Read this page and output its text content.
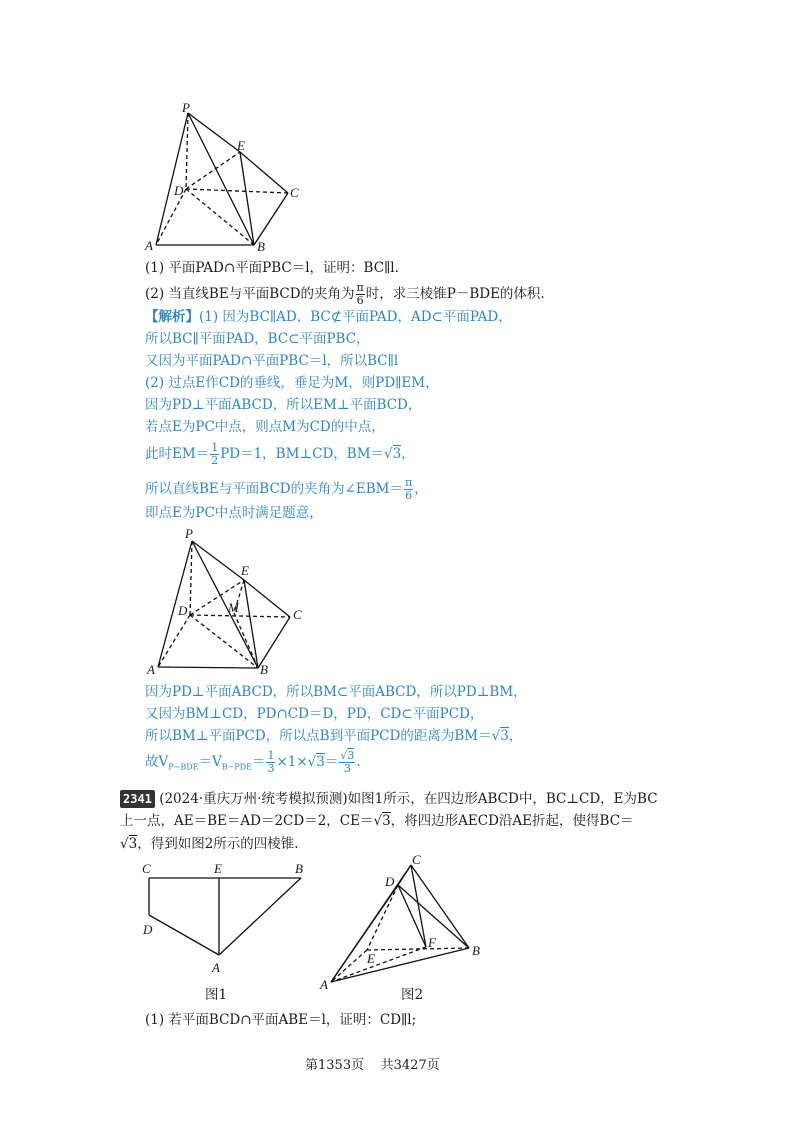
P
E
D	C
A	B
(1) 平面PAD∩平面PBC＝l，证明：BC∥l.
(2) 当直线BE与平面BCD的夹角为 $\frac{\pi}{6}$ 时，求三棱锥P－BDE的体积.
【解析】(1) 因为BC∥AD，BC⊄平面PAD，AD⊂平面PAD，
所以BC∥平面PAD，BC⊂平面PBC，
又因为平面PAD∩平面PBC＝l，所以BC∥l
(2) 过点E作CD的垂线，垂足为M，则PD∥EM，
因为PD⊥平面ABCD，所以EM⊥平面BCD，
若点E为PC中点，则点M为CD的中点，
此时$EM= \frac{1}{2} PD=1$，BM⊥CD，BM＝√3，
所以直线BE与平面BCD的夹角为∠EBM＝ $\frac{\pi}{6}$ ，
即点E为PC中点时满足题意，
P
E
D	M	C
A	B
因为PD⊥平面ABCD，所以BM⊂平面ABCD，所以PD⊥BM，
又因为BM⊥CD，PD∩CD＝D，PD，CD⊂平面PCD，
所以BM⊥平面PCD，所以点B到平面PCD的距离为BM＝√3，
故$V_{P-BDE}=V_{B-PDE}= \frac{1}{3} \times 1\times√3= \frac{√3}{3}$ .
2341 (2024·重庆万州·统考模拟预测)如图1所示，在四边形ABCD中，BC⊥CD，E为BC
上一点，AE＝BE＝AD＝2CD＝2，CE＝√3，将四边形AECD沿AE折起，使得BC＝
√3，得到如图2所示的四棱锥.
C	E	B
D
A
图1
C
D
F
E
B
A
图2
(1) 若平面BCD∩平面ABE＝l，证明：CD∥l;
第1353页 共3427页
